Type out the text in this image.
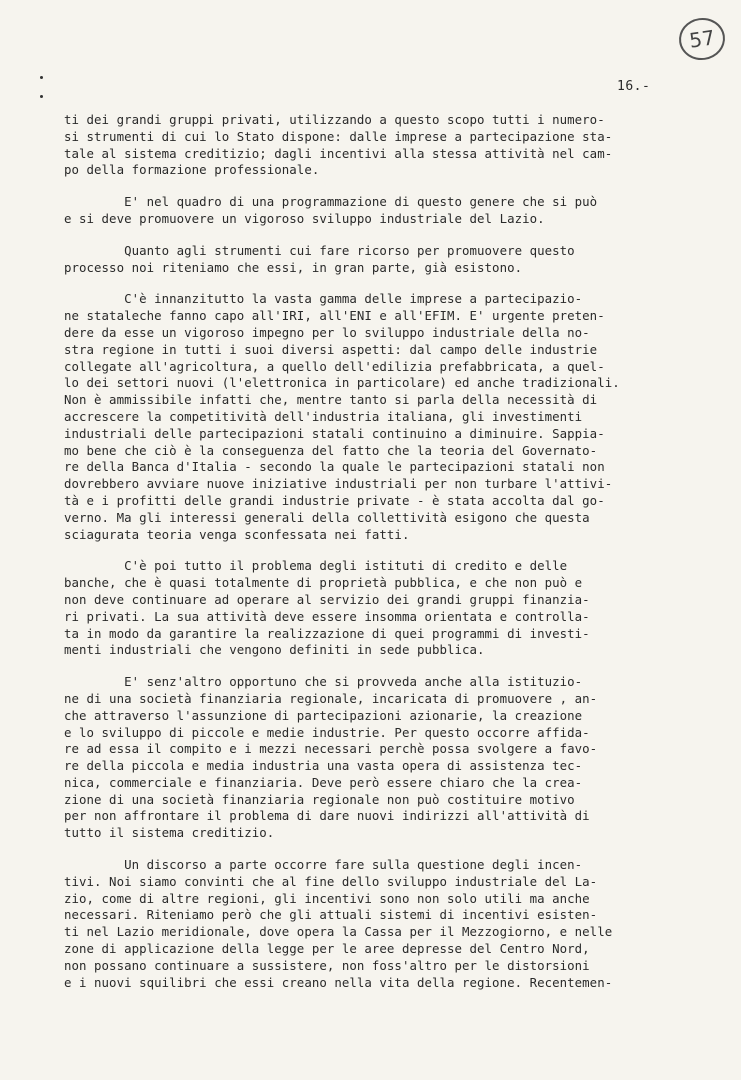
57
16.-
ti dei grandi gruppi privati, utilizzando a questo scopo tutti i numero-
si strumenti di cui lo Stato dispone: dalle imprese a partecipazione sta-
tale al sistema creditizio; dagli incentivi alla stessa attività nel cam-
po della formazione professionale.
E' nel quadro di una programmazione di questo genere che si può
e si deve promuovere un vigoroso sviluppo industriale del Lazio.
Quanto agli strumenti cui fare ricorso per promuovere questo
processo noi riteniamo che essi, in gran parte, già esistono.
C'è innanzitutto la vasta gamma delle imprese a partecipazio-
ne stataleche fanno capo all'IRI, all'ENI e all'EFIM. E' urgente preten-
dere da esse un vigoroso impegno per lo sviluppo industriale della no-
stra regione in tutti i suoi diversi aspetti: dal campo delle industrie
collegate all'agricoltura, a quello dell'edilizia prefabbricata, a quel-
lo dei settori nuovi (l'elettronica in particolare) ed anche tradizionali.
Non è ammissibile infatti che, mentre tanto si parla della necessità di
accrescere la competitività dell'industria italiana, gli investimenti
industriali delle partecipazioni statali continuino a diminuire. Sappia-
mo bene che ciò è la conseguenza del fatto che la teoria del Governato-
re della Banca d'Italia - secondo la quale le partecipazioni statali non
dovrebbero avviare nuove iniziative industriali per non turbare l'attivi-
tà e i profitti delle grandi industrie private - è stata accolta dal go-
verno. Ma gli interessi generali della collettività esigono che questa
sciagurata teoria venga sconfessata nei fatti.
C'è poi tutto il problema degli istituti di credito e delle
banche, che è quasi totalmente di proprietà pubblica, e che non può e
non deve continuare ad operare al servizio dei grandi gruppi finanzia-
ri privati. La sua attività deve essere insomma orientata e controlla-
ta in modo da garantire la realizzazione di quei programmi di investi-
menti industriali che vengono definiti in sede pubblica.
E' senz'altro opportuno che si provveda anche alla istituzio-
ne di una società finanziaria regionale, incaricata di promuovere , an-
che attraverso l'assunzione di partecipazioni azionarie, la creazione
e lo sviluppo di piccole e medie industrie. Per questo occorre affida-
re ad essa il compito e i mezzi necessari perchè possa svolgere a favo-
re della piccola e media industria una vasta opera di assistenza tec-
nica, commerciale e finanziaria. Deve però essere chiaro che la crea-
zione di una società finanziaria regionale non può costituire motivo
per non affrontare il problema di dare nuovi indirizzi all'attività di
tutto il sistema creditizio.
Un discorso a parte occorre fare sulla questione degli incen-
tivi. Noi siamo convinti che al fine dello sviluppo industriale del La-
zio, come di altre regioni, gli incentivi sono non solo utili ma anche
necessari. Riteniamo però che gli attuali sistemi di incentivi esisten-
ti nel Lazio meridionale, dove opera la Cassa per il Mezzogiorno, e nelle
zone di applicazione della legge per le aree depresse del Centro Nord,
non possano continuare a sussistere, non foss'altro per le distorsioni
e i nuovi squilibri che essi creano nella vita della regione. Recentemen-
